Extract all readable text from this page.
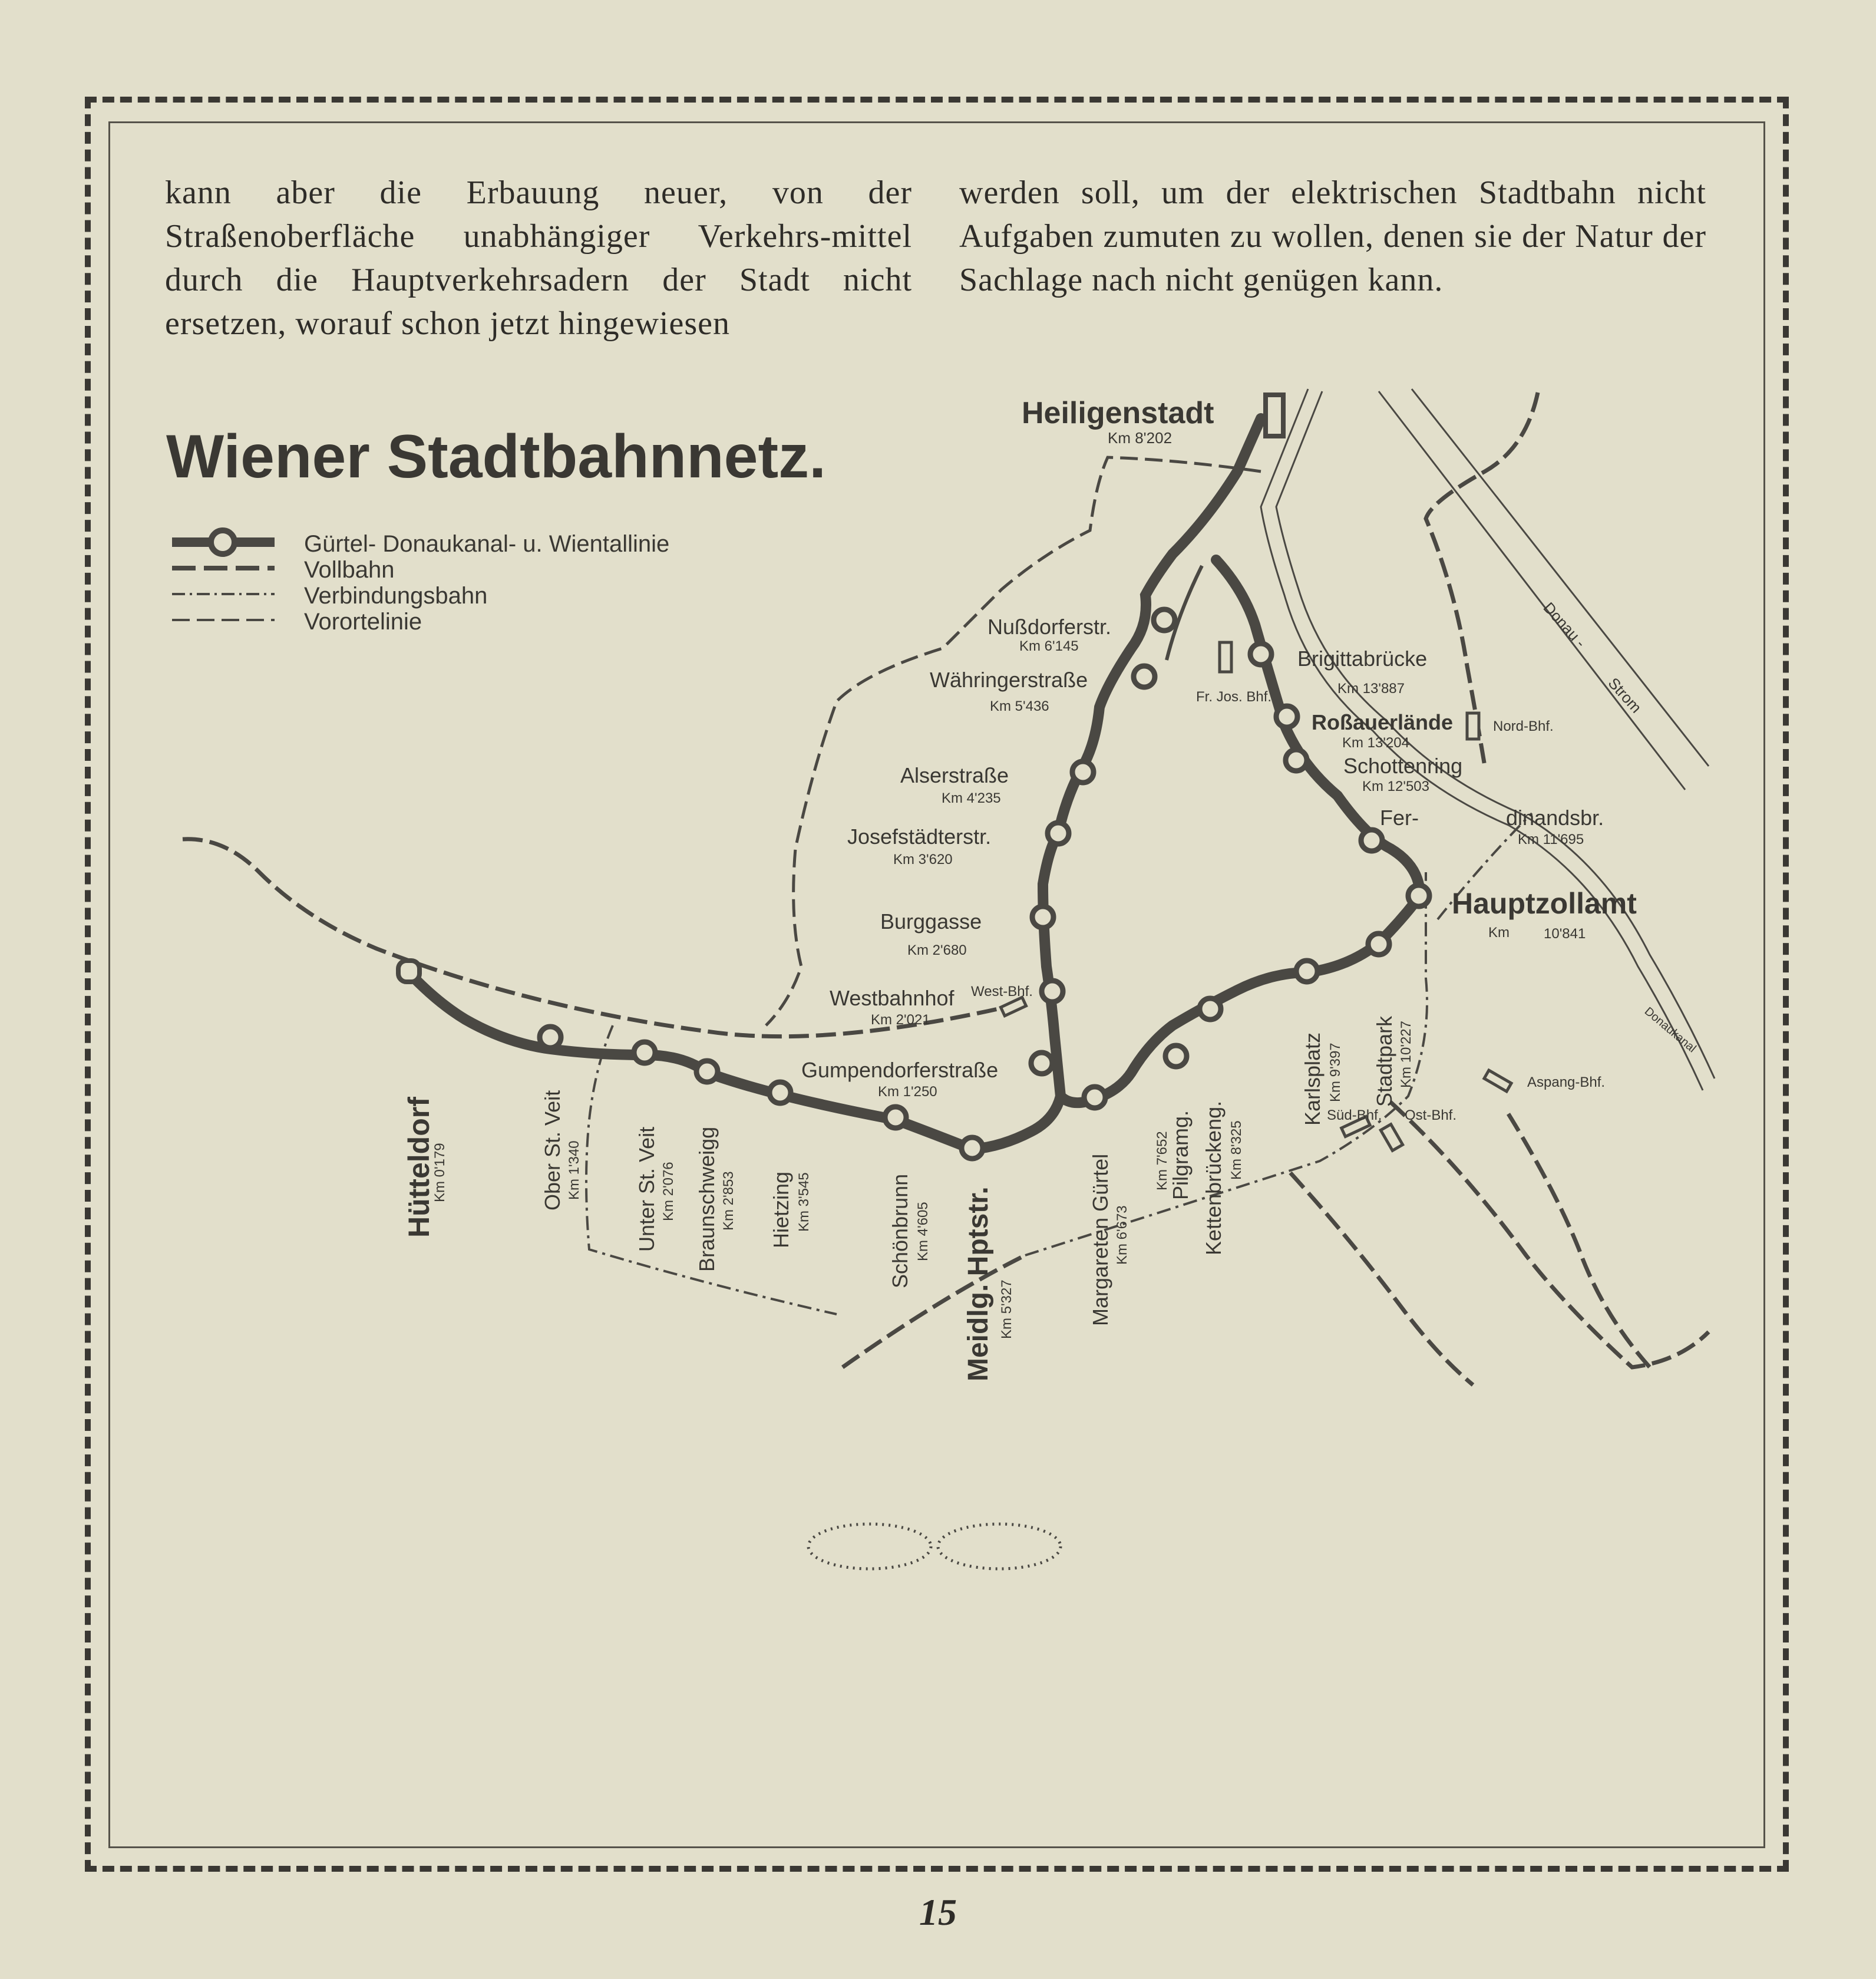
kann aber die Erbauung neuer, von der Straßenoberfläche unabhängiger Verkehrs-mittel durch die Hauptverkehrsadern der Stadt nicht ersetzen, worauf schon jetzt hingewiesen
werden soll, um der elektrischen Stadtbahn nicht Aufgaben zumuten zu wollen, denen sie der Natur der Sachlage nach nicht genügen kann.
Wiener Stadtbahnnetz.
Gürtel- Donaukanal- u. Wientallinie
Vollbahn
Verbindungsbahn
Vorortelinie
Heiligenstadt
Km 8'202
Nußdorferstr.
Km 6'145
Währingerstraße
Km 5'436
Alserstraße
Km 4'235
Josefstädterstr.
Km 3'620
Burggasse
Km 2'680
Westbahnhof
Km 2'021
Gumpendorferstraße
Km 1'250
Brigittabrücke
Km 13'887
Roßauerlände
Km 13'204
Schottenring
Km 12'503
Fer-	dinandsbr.
Km 11'695
Hauptzollamt
Km 10'841
Fr. Jos. Bhf.
West-Bhf.
Nord-Bhf.
Aspang-Bhf.
Süd-Bhf. Ost-Bhf.
Donau -
Strom
Donaukanal
Hütteldorf
Km 0'179	Ober St. Veit Km 1'340 Unter St. Veit Km 2'076 Braunschweigg Km 2'853 Hietzing Km 3'545	Schönbrunn Km 4'605 Meidlg. Hptstr. Km 5'327	Margareten Gürtel Km 6'673
Pilgramg.
Km 7'652 Kettenbrückeng. Km 8'325
Karlsplatz Km 9'397 Stadtpark Km 10'227
15
